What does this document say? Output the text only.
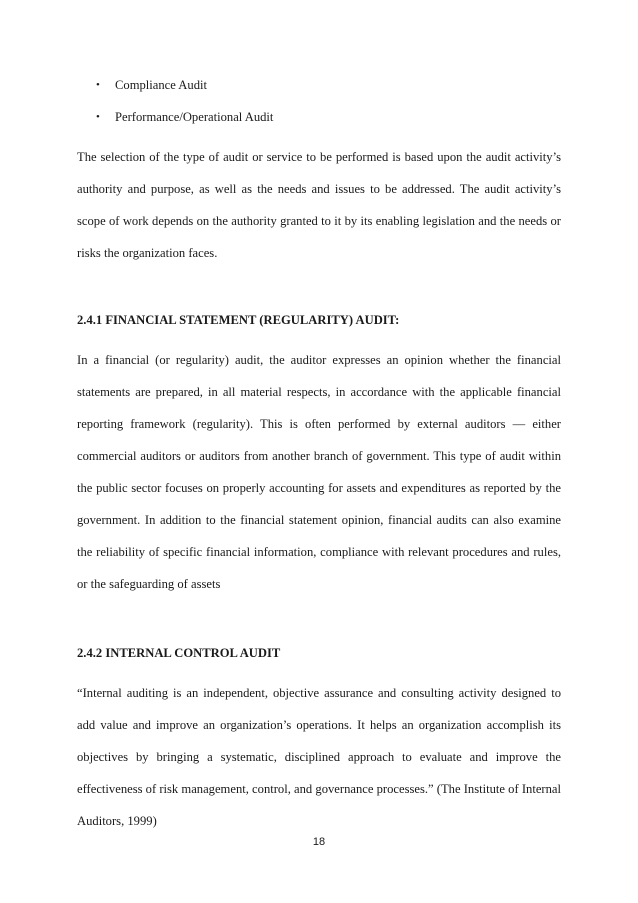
• Compliance Audit
• Performance/Operational Audit

The selection of the type of audit or service to be performed is based upon the audit activity’s authority and purpose, as well as the needs and issues to be addressed. The audit activity’s scope of work depends on the authority granted to it by its enabling legislation and the needs or risks the organization faces.

2.4.1 FINANCIAL STATEMENT (REGULARITY) AUDIT:

In a financial (or regularity) audit, the auditor expresses an opinion whether the financial statements are prepared, in all material respects, in accordance with the applicable financial reporting framework (regularity). This is often performed by external auditors — either commercial auditors or auditors from another branch of government. This type of audit within the public sector focuses on properly accounting for assets and expenditures as reported by the government. In addition to the financial statement opinion, financial audits can also examine the reliability of specific financial information, compliance with relevant procedures and rules, or the safeguarding of assets

2.4.2 INTERNAL CONTROL AUDIT

“Internal auditing is an independent, objective assurance and consulting activity designed to add value and improve an organization’s operations. It helps an organization accomplish its objectives by bringing a systematic, disciplined approach to evaluate and improve the effectiveness of risk management, control, and governance processes.” (The Institute of Internal Auditors, 1999)

18
